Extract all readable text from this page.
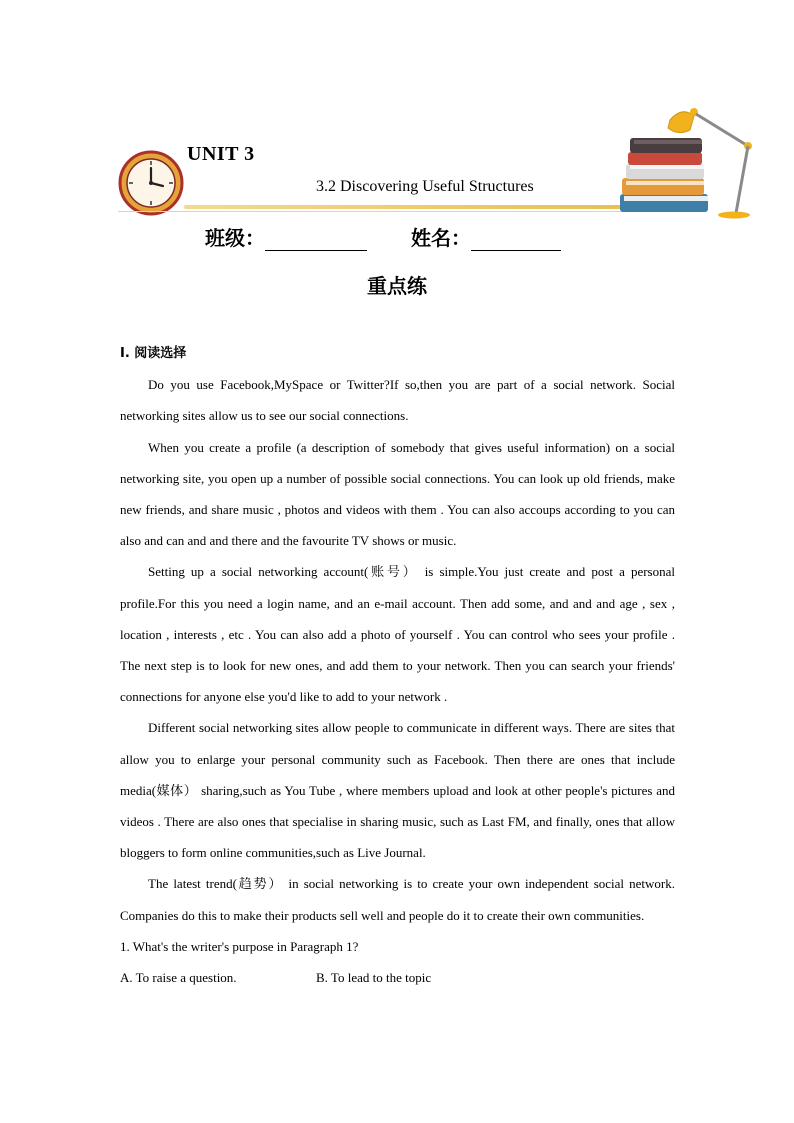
UNIT 3
3.2 Discovering Useful Structures
班级：	姓名：
重点练
I. 阅读选择

Do you use Facebook,MySpace or Twitter?If so,then you are part of a social network. Social networking sites allow us to see our social connections.

When you create a profile (a description of somebody that gives useful information) on a social networking site, you open up a number of possible social connections. You can look up old friends, make new friends, and share music , photos and videos with them . You can also accoups according to you can also and can and and there and the favourite TV shows or music.

Setting up a social networking account(账号） is simple.You just create and post a personal profile.For this you need a login name, and an e-mail account. Then add some, and and and age , sex , location , interests , etc . You can also add a photo of yourself . You can control who sees your profile . The next step is to look for new ones, and add them to your network. Then you can search your friends' connections for anyone else you'd like to add to your network .

Different social networking sites allow people to communicate in different ways. There are sites that allow you to enlarge your personal community such as Facebook. Then there are ones that include media(媒体） sharing,such as You Tube , where members upload and look at other people's pictures and videos . There are also ones that specialise in sharing music, such as Last FM, and finally, ones that allow bloggers to form online communities,such as Live Journal.

The latest trend(趋势） in social networking is to create your own independent social network. Companies do this to make their products sell well and people do it to create their own communities.

1. What's the writer's purpose in Paragraph 1?

A. To raise a question.	B. To lead to the topic
